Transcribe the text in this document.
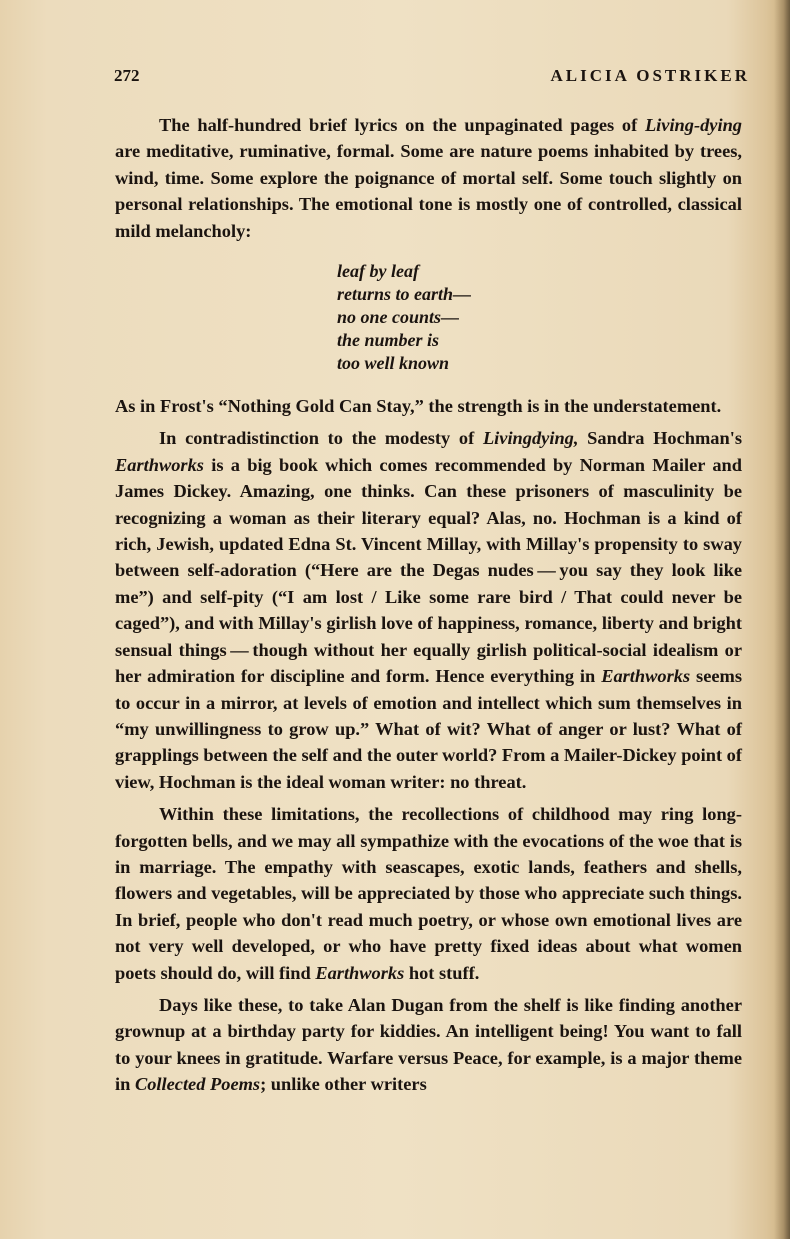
272	ALICIA OSTRIKER

The half-hundred brief lyrics on the unpaginated pages of Living-dying are meditative, ruminative, formal. Some are nature poems inhabited by trees, wind, time. Some explore the poignance of mortal self. Some touch slightly on personal relationships. The emotional tone is mostly one of controlled, classical mild melancholy:

leaf by leaf
returns to earth—
no one counts—
the number is
too well known

As in Frost's “Nothing Gold Can Stay,” the strength is in the understatement.

In contradistinction to the modesty of Livingdying, Sandra Hochman's Earthworks is a big book which comes recommended by Norman Mailer and James Dickey. Amazing, one thinks. Can these prisoners of masculinity be recognizing a woman as their literary equal? Alas, no. Hochman is a kind of rich, Jewish, updated Edna St. Vincent Millay, with Millay's propensity to sway between self-adoration (“Here are the Degas nudes — you say they look like me”) and self-pity (“I am lost / Like some rare bird / That could never be caged”), and with Millay's girlish love of happiness, romance, liberty and bright sensual things — though without her equally girlish political-social idealism or her admiration for discipline and form. Hence everything in Earthworks seems to occur in a mirror, at levels of emotion and intellect which sum themselves in “my unwillingness to grow up.” What of wit? What of anger or lust? What of grapplings between the self and the outer world? From a Mailer-Dickey point of view, Hochman is the ideal woman writer: no threat.

Within these limitations, the recollections of childhood may ring long-forgotten bells, and we may all sympathize with the evocations of the woe that is in marriage. The empathy with seascapes, exotic lands, feathers and shells, flowers and vegetables, will be appreciated by those who appreciate such things. In brief, people who don't read much poetry, or whose own emotional lives are not very well developed, or who have pretty fixed ideas about what women poets should do, will find Earthworks hot stuff.

Days like these, to take Alan Dugan from the shelf is like finding another grownup at a birthday party for kiddies. An intelligent being! You want to fall to your knees in gratitude. Warfare versus Peace, for example, is a major theme in Collected Poems; unlike other writers
